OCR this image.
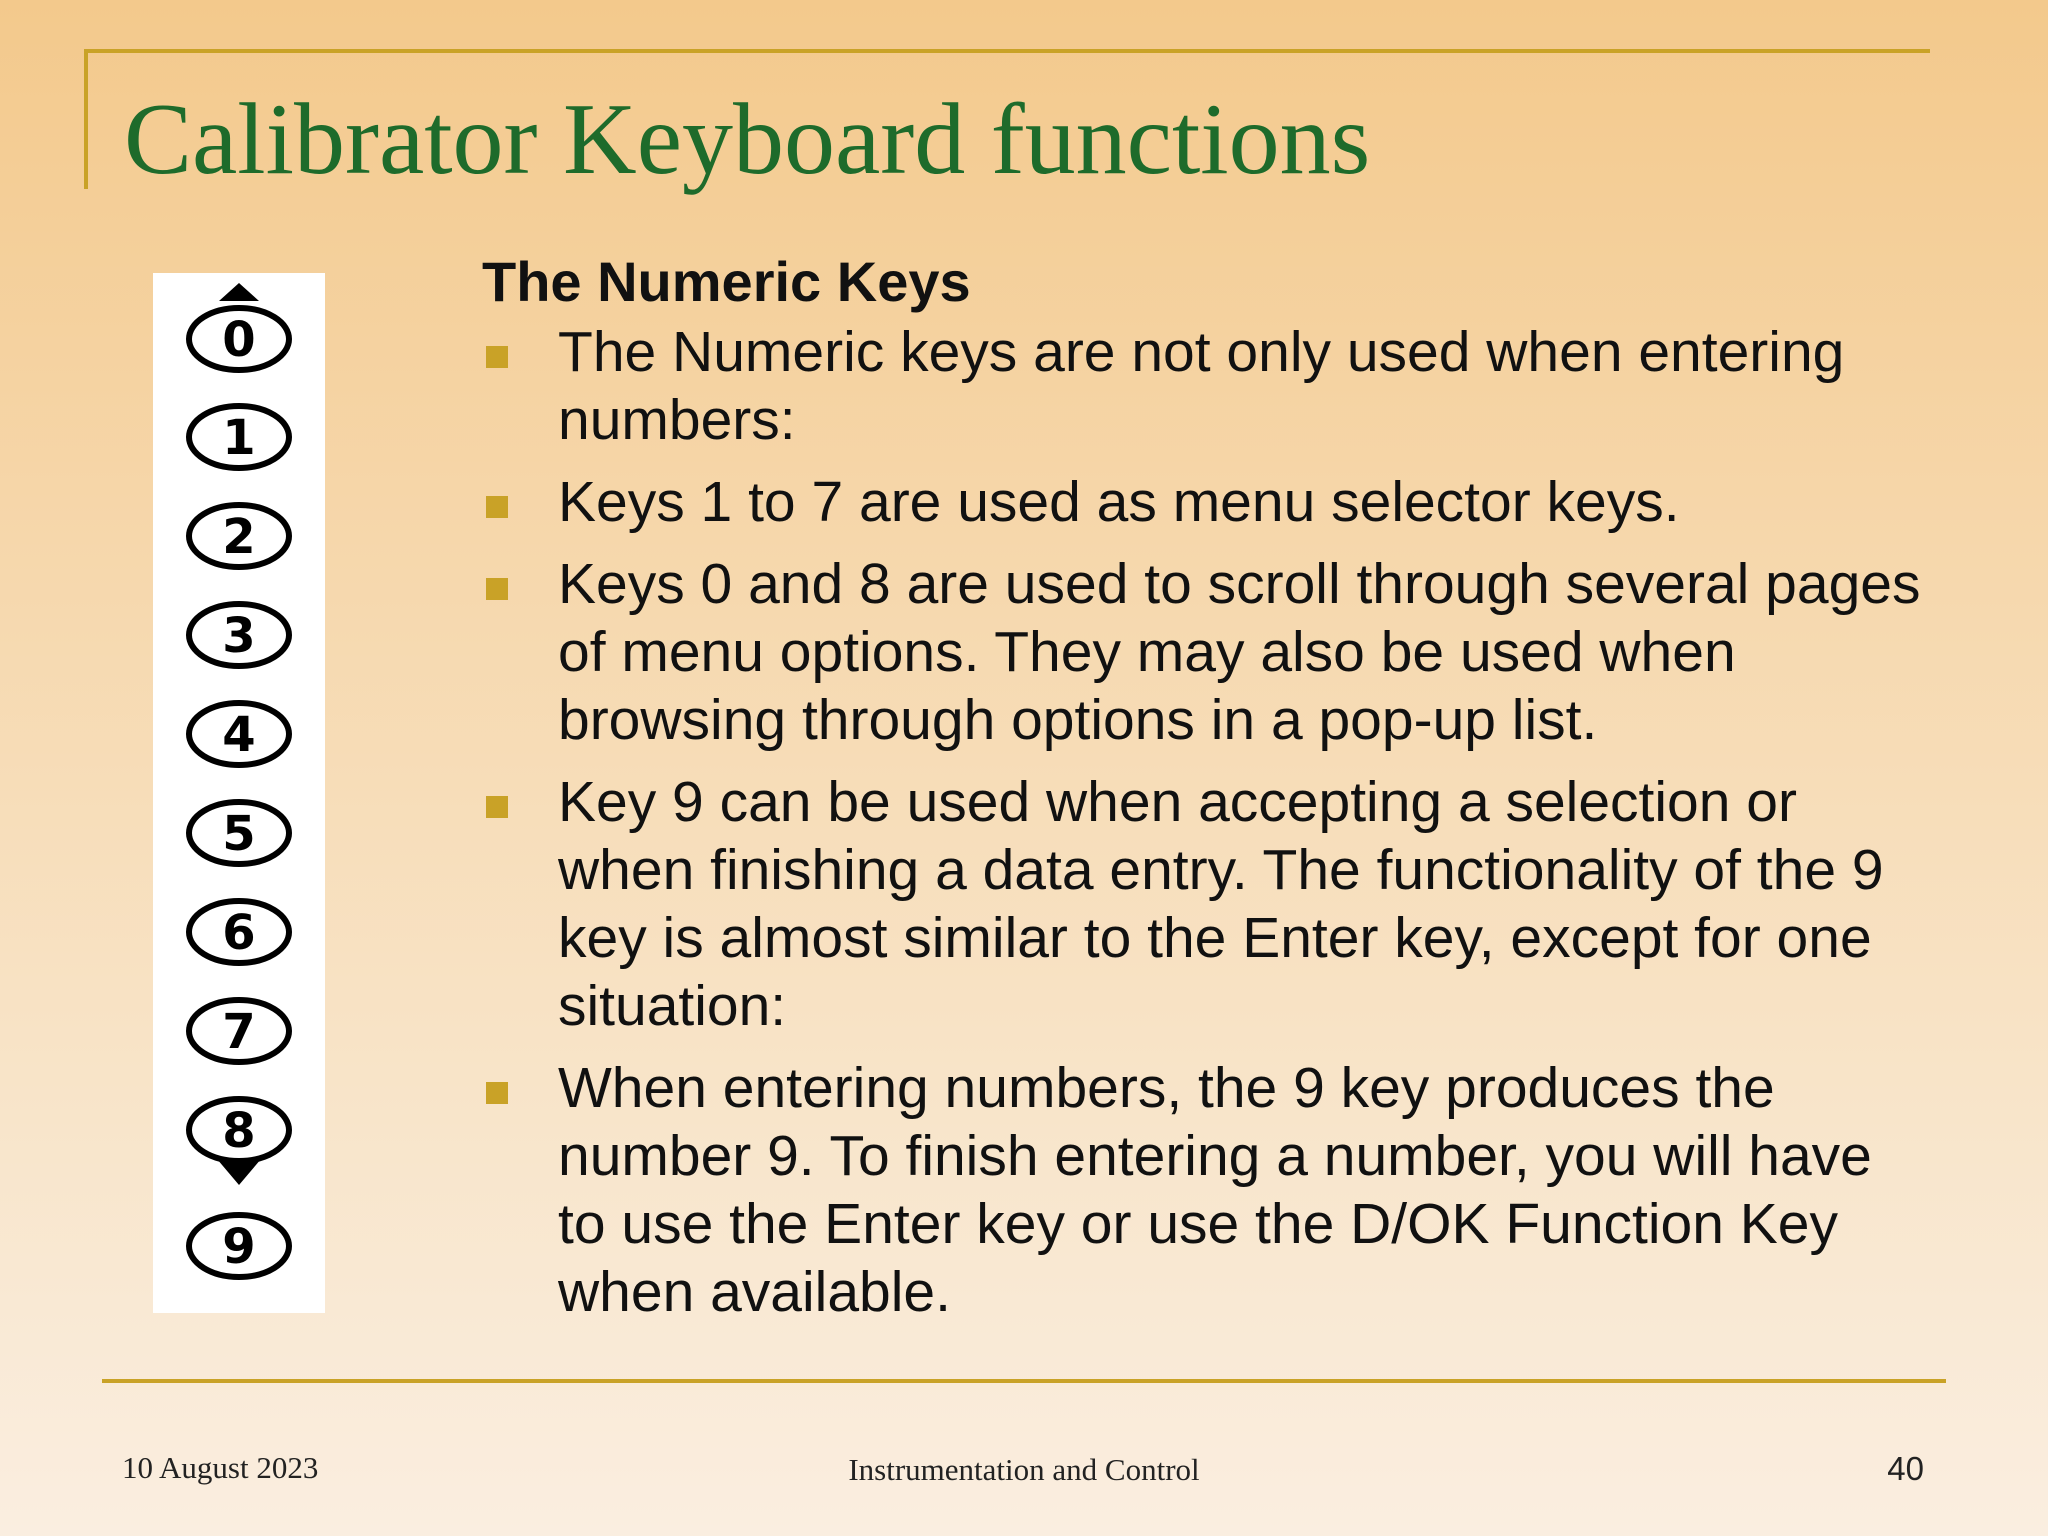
Calibrator Keyboard functions
0
1
2
3
4
5
6
7
8
9
The Numeric Keys
The Numeric keys are not only used when entering numbers:
Keys 1 to 7 are used as menu selector keys.
Keys 0 and 8 are used to scroll through several pages of menu options. They may also be used when browsing through options in a pop-up list.
Key 9 can be used when accepting a selection or when finishing a data entry. The functionality of the 9 key is almost similar to the Enter key, except for one situation:
When entering numbers, the 9 key produces the number 9. To finish entering a number, you will have to use the Enter key or use the D/OK Function Key when available.
10 August 2023	Instrumentation and Control	40
